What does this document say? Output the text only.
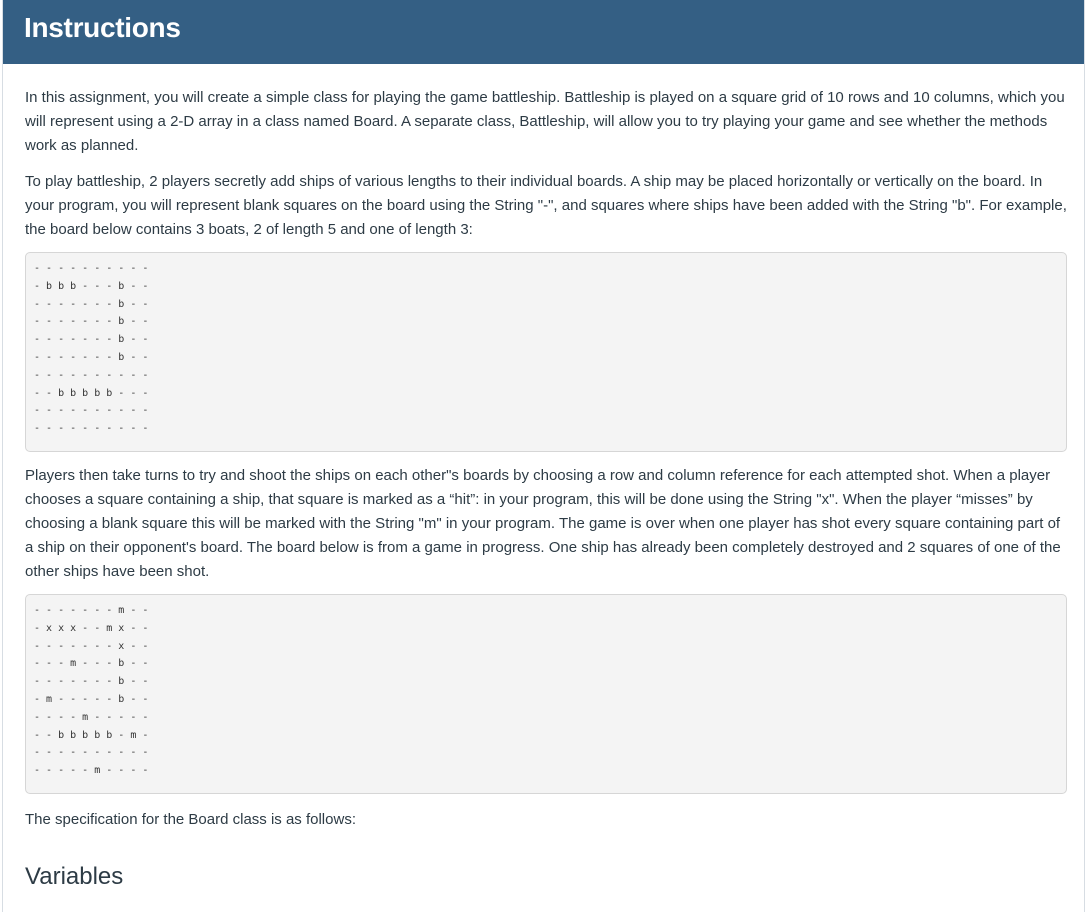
Instructions

In this assignment, you will create a simple class for playing the game battleship. Battleship is played on a square grid of 10 rows and 10 columns, which you will represent using a 2-D array in a class named Board. A separate class, Battleship, will allow you to try playing your game and see whether the methods work as planned.

To play battleship, 2 players secretly add ships of various lengths to their individual boards. A ship may be placed horizontally or vertically on the board. In your program, you will represent blank squares on the board using the String "-", and squares where ships have been added with the String "b". For example, the board below contains 3 boats, 2 of length 5 and one of length 3:

- - - - - - - - - -
- b b b - - - b - -
- - - - - - - b - -
- - - - - - - b - -
- - - - - - - b - -
- - - - - - - b - -
- - - - - - - - - -
- - b b b b b - - -
- - - - - - - - - -
- - - - - - - - - -

Players then take turns to try and shoot the ships on each other"s boards by choosing a row and column reference for each attempted shot. When a player chooses a square containing a ship, that square is marked as a “hit”: in your program, this will be done using the String "x". When the player “misses” by choosing a blank square this will be marked with the String "m" in your program. The game is over when one player has shot every square containing part of a ship on their opponent's board. The board below is from a game in progress. One ship has already been completely destroyed and 2 squares of one of the other ships have been shot.

- - - - - - - m - -
- x x x - - m x - -
- - - - - - - x - -
- - - m - - - b - -
- - - - - - - b - -
- m - - - - - b - -
- - - - m - - - - -
- - b b b b b - m -
- - - - - - - - - -
- - - - - m - - - -

The specification for the Board class is as follows:

Variables
